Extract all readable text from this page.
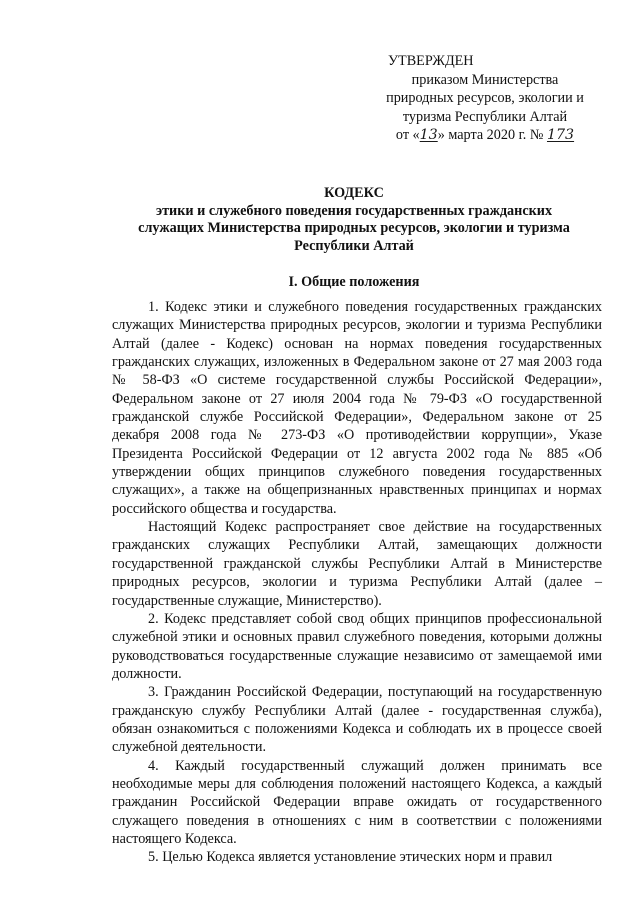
УТВЕРЖДЕН
приказом Министерства
природных ресурсов, экологии и
туризма Республики Алтай
от «13» марта 2020 г. № 173
КОДЕКС
этики и служебного поведения государственных гражданских
служащих Министерства природных ресурсов, экологии и туризма
Республики Алтай
I. Общие положения

1. Кодекс этики и служебного поведения государственных гражданских служащих Министерства природных ресурсов, экологии и туризма Республики Алтай (далее - Кодекс) основан на нормах поведения государственных гражданских служащих, изложенных в Федеральном законе от 27 мая 2003 года № 58-ФЗ «О системе государственной службы Российской Федерации», Федеральном законе от 27 июля 2004 года № 79-ФЗ «О государственной гражданской службе Российской Федерации», Федеральном законе от 25 декабря 2008 года № 273-ФЗ «О противодействии коррупции», Указе Президента Российской Федерации от 12 августа 2002 года № 885 «Об утверждении общих принципов служебного поведения государственных служащих», а также на общепризнанных нравственных принципах и нормах российского общества и государства.

Настоящий Кодекс распространяет свое действие на государственных гражданских служащих Республики Алтай, замещающих должности государственной гражданской службы Республики Алтай в Министерстве природных ресурсов, экологии и туризма Республики Алтай (далее – государственные служащие, Министерство).

2. Кодекс представляет собой свод общих принципов профессиональной служебной этики и основных правил служебного поведения, которыми должны руководствоваться государственные служащие независимо от замещаемой ими должности.

3. Гражданин Российской Федерации, поступающий на государственную гражданскую службу Республики Алтай (далее - государственная служба), обязан ознакомиться с положениями Кодекса и соблюдать их в процессе своей служебной деятельности.

4. Каждый государственный служащий должен принимать все необходимые меры для соблюдения положений настоящего Кодекса, а каждый гражданин Российской Федерации вправе ожидать от государственного служащего поведения в отношениях с ним в соответствии с положениями настоящего Кодекса.

5. Целью Кодекса является установление этических норм и правил
